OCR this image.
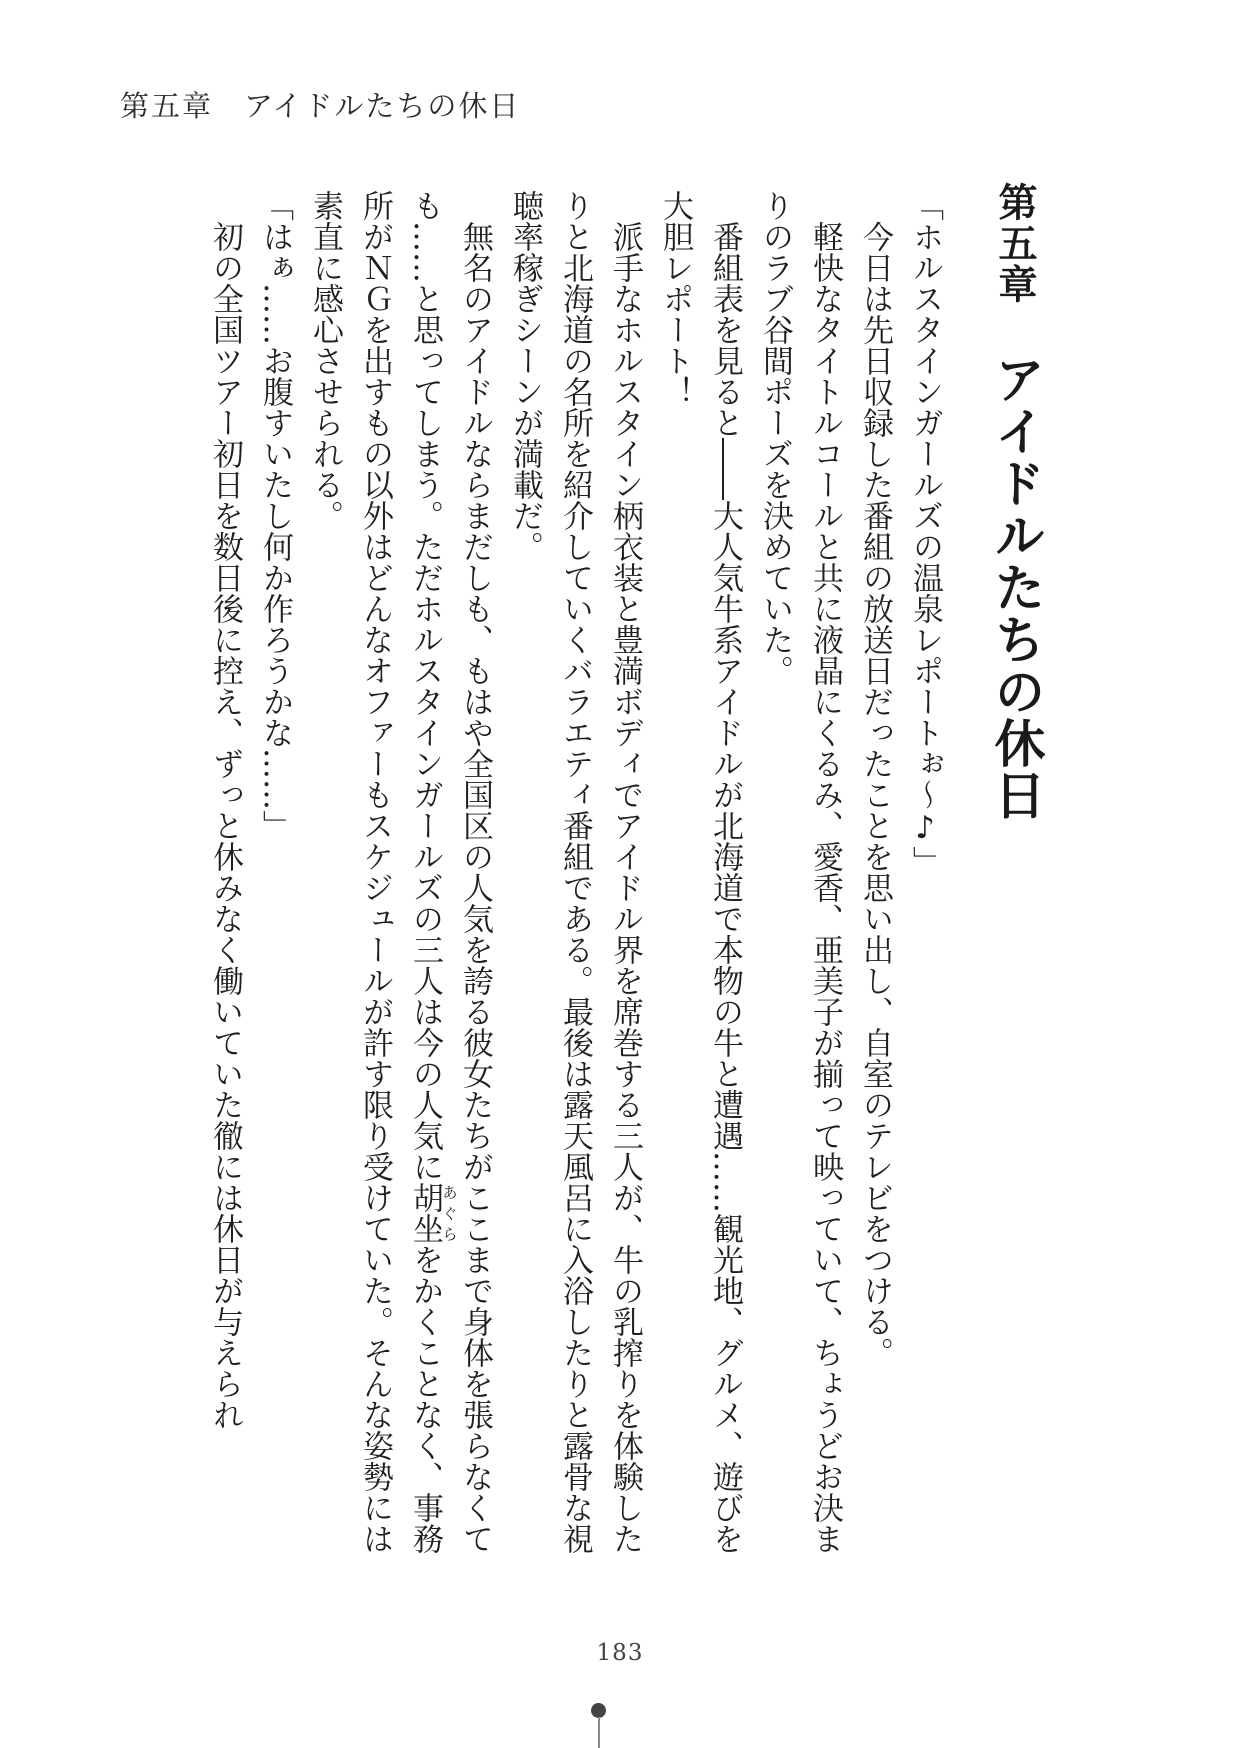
第五章　アイドルたちの休日
第五章アイドルたちの休日

「ホルスタインガールズの温泉レポートぉ～♪」

今日は先日収録した番組の放送日だったことを思い出し、自室のテレビをつける。

軽快なタイトルコールと共に液晶にくるみ、愛香、亜美子が揃って映っていて、ちょうどお決まりのラブ谷間ポーズを決めていた。

番組表を見ると――大人気牛系アイドルが北海道で本物の牛と遭遇……観光地、グルメ、遊びを大胆レポート！

派手なホルスタイン柄衣装と豊満ボディでアイドル界を席巻する三人が、牛の乳搾りを体験したりと北海道の名所を紹介していくバラエティ番組である。最後は露天風呂に入浴したりと露骨な視聴率稼ぎシーンが満載だ。

無名のアイドルならまだしも、もはや全国区の人気を誇る彼女たちがここまで身体を張らなくても……と思ってしまう。ただホルスタインガールズの三人は今の人気に胡坐あぐらをかくことなく、事務所がＮＧを出すもの以外はどんなオファーもスケジュールが許す限り受けていた。そんな姿勢には素直に感心させられる。

「はぁ……お腹すいたし何か作ろうかな……」

初の全国ツアー初日を数日後に控え、ずっと休みなく働いていた徹には休日が与えられ

183
